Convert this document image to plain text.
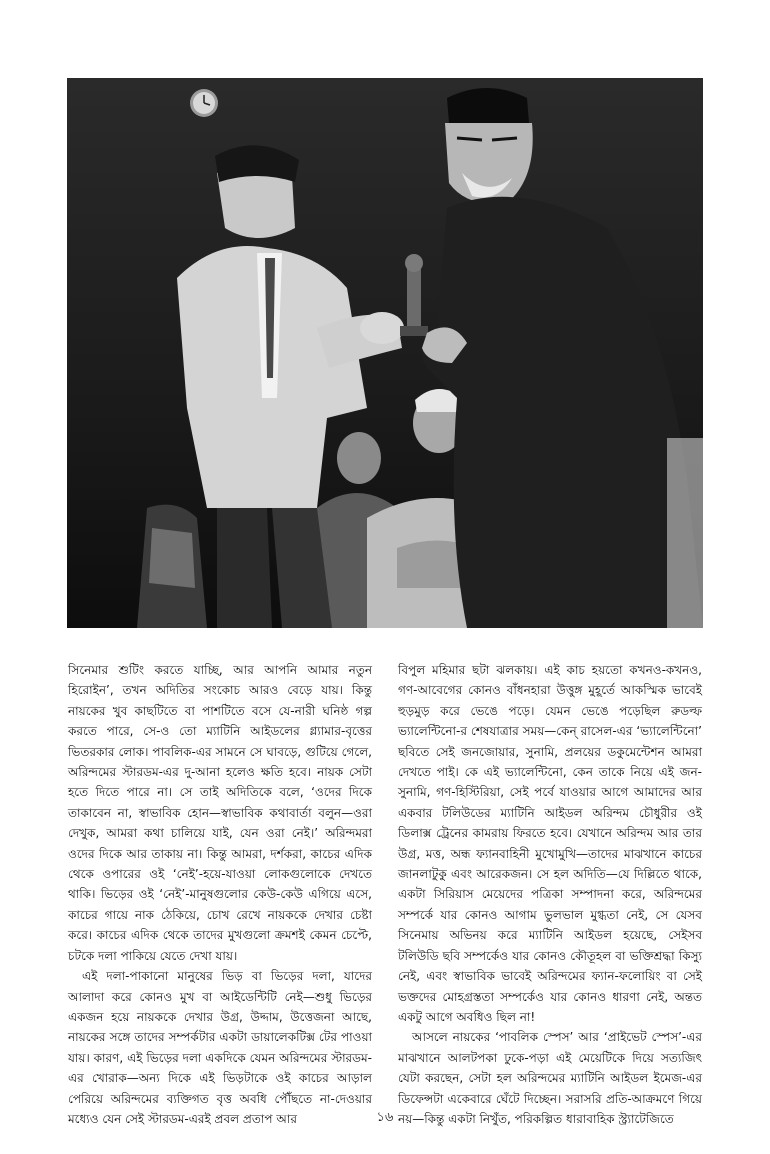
সিনেমার শুটিং করতে যাচ্ছি, আর আপনি আমার নতুন হিরোইন’, তখন অদিতির সংকোচ আরও বেড়ে যায়। কিন্তু নায়কের খুব কাছটিতে বা পাশটিতে বসে যে-নারী ঘনিষ্ঠ গল্প করতে পারে, সে-ও তো ম্যাটিনি আইডলের গ্ল্যামার-বৃত্তের ভিতরকার লোক। পাবলিক-এর সামনে সে ঘাবড়ে, গুটিয়ে গেলে, অরিন্দমের স্টারডম-এর দু-আনা হলেও ক্ষতি হবে। নায়ক সেটা হতে দিতে পারে না। সে তাই অদিতিকে বলে, ‘ওদের দিকে তাকাবেন না, স্বাভাবিক হোন—স্বাভাবিক কথাবার্তা বলুন—ওরা দেখুক, আমরা কথা চালিয়ে যাই, যেন ওরা নেই।’ অরিন্দমরা ওদের দিকে আর তাকায় না। কিন্তু আমরা, দর্শকরা, কাচের এদিক থেকে ওপারের ওই ‘নেই’-হয়ে-যাওয়া লোকগুলোকে দেখতে থাকি। ভিড়ের ওই ‘নেই’-মানুষগুলোর কেউ-কেউ এগিয়ে এসে, কাচের গায়ে নাক ঠেকিয়ে, চোখ রেখে নায়ককে দেখার চেষ্টা করে। কাচের এদিক থেকে তাদের মুখগুলো ক্রমশই কেমন চেপ্টে, চটকে দলা পাকিয়ে যেতে দেখা যায়।

এই দলা-পাকানো মানুষের ভিড় বা ভিড়ের দলা, যাদের আলাদা করে কোনও মুখ বা আইডেন্টিটি নেই—শুধু ভিড়ের একজন হয়ে নায়ককে দেখার উগ্র, উদ্দাম, উত্তেজনা আছে, নায়কের সঙ্গে তাদের সম্পর্কটার একটা ডায়ালেকটিক্স টের পাওয়া যায়। কারণ, এই ভিড়ের দলা একদিকে যেমন অরিন্দমের স্টারডম-এর খোরাক—অন্য দিকে এই ভিড়টাকে ওই কাচের আড়াল পেরিয়ে অরিন্দমের ব্যক্তিগত বৃত্ত অবধি পৌঁছতে না-দেওয়ার মধ্যেও যেন সেই স্টারডম-এরই প্রবল প্রতাপ আর

বিপুল মহিমার ছটা ঝলকায়। এই কাচ হয়তো কখনও-কখনও, গণ-আবেগের কোনও বাঁধনহারা উত্তুঙ্গ মুহূর্তে আকস্মিক ভাবেই হুড়মুড় করে ভেঙে পড়ে। যেমন ভেঙে পড়েছিল রুডল্ফ ভ্যালেন্টিনো-র শেষযাত্রার সময়—কেন্ রাসেল-এর ‘ভ্যালেন্টিনো’ ছবিতে সেই জনজোয়ার, সুনামি, প্রলয়ের ডকুমেন্টেশন আমরা দেখতে পাই। কে এই ভ্যালেন্টিনো, কেন তাকে নিয়ে এই জন-সুনামি, গণ-হিস্টিরিয়া, সেই পর্বে যাওয়ার আগে আমাদের আর একবার টলিউডের ম্যাটিনি আইডল অরিন্দম চৌধুরীর ওই ডিলাক্স ট্রেনের কামরায় ফিরতে হবে। যেখানে অরিন্দম আর তার উগ্র, মত্ত, অন্ধ ফ্যানবাহিনী মুখোমুখি—তাদের মাঝখানে কাচের জানলাটুকু এবং আরেকজন। সে হল অদিতি—যে দিল্লিতে থাকে, একটা সিরিয়াস মেয়েদের পত্রিকা সম্পাদনা করে, অরিন্দমের সম্পর্কে যার কোনও আগাম ভুলভাল মুগ্ধতা নেই, সে যেসব সিনেমায় অভিনয় করে ম্যাটিনি আইডল হয়েছে, সেইসব টলিউডি ছবি সম্পর্কেও যার কোনও কৌতূহল বা ভক্তিশ্রদ্ধা কিস্যু নেই, এবং স্বাভাবিক ভাবেই অরিন্দমের ফ্যান-ফলোয়িং বা সেই ভক্তদের মোহগ্রস্ততা সম্পর্কেও যার কোনও ধারণা নেই, অন্তত একটু আগে অবধিও ছিল না!

আসলে নায়কের ‘পাবলিক স্পেস’ আর ‘প্রাইভেট স্পেস’-এর মাঝখানে আলটপকা ঢুকে-পড়া এই মেয়েটিকে দিয়ে সত্যজিৎ যেটা করছেন, সেটা হল অরিন্দমের ম্যাটিনি আইডল ইমেজ-এর ডিফেন্সটা একেবারে ঘেঁটে দিচ্ছেন। সরাসরি প্রতি-আক্রমণে গিয়ে নয়—কিন্তু একটা নিখুঁত, পরিকল্পিত ধারাবাহিক স্ট্র্যাটেজিতে

১৬
